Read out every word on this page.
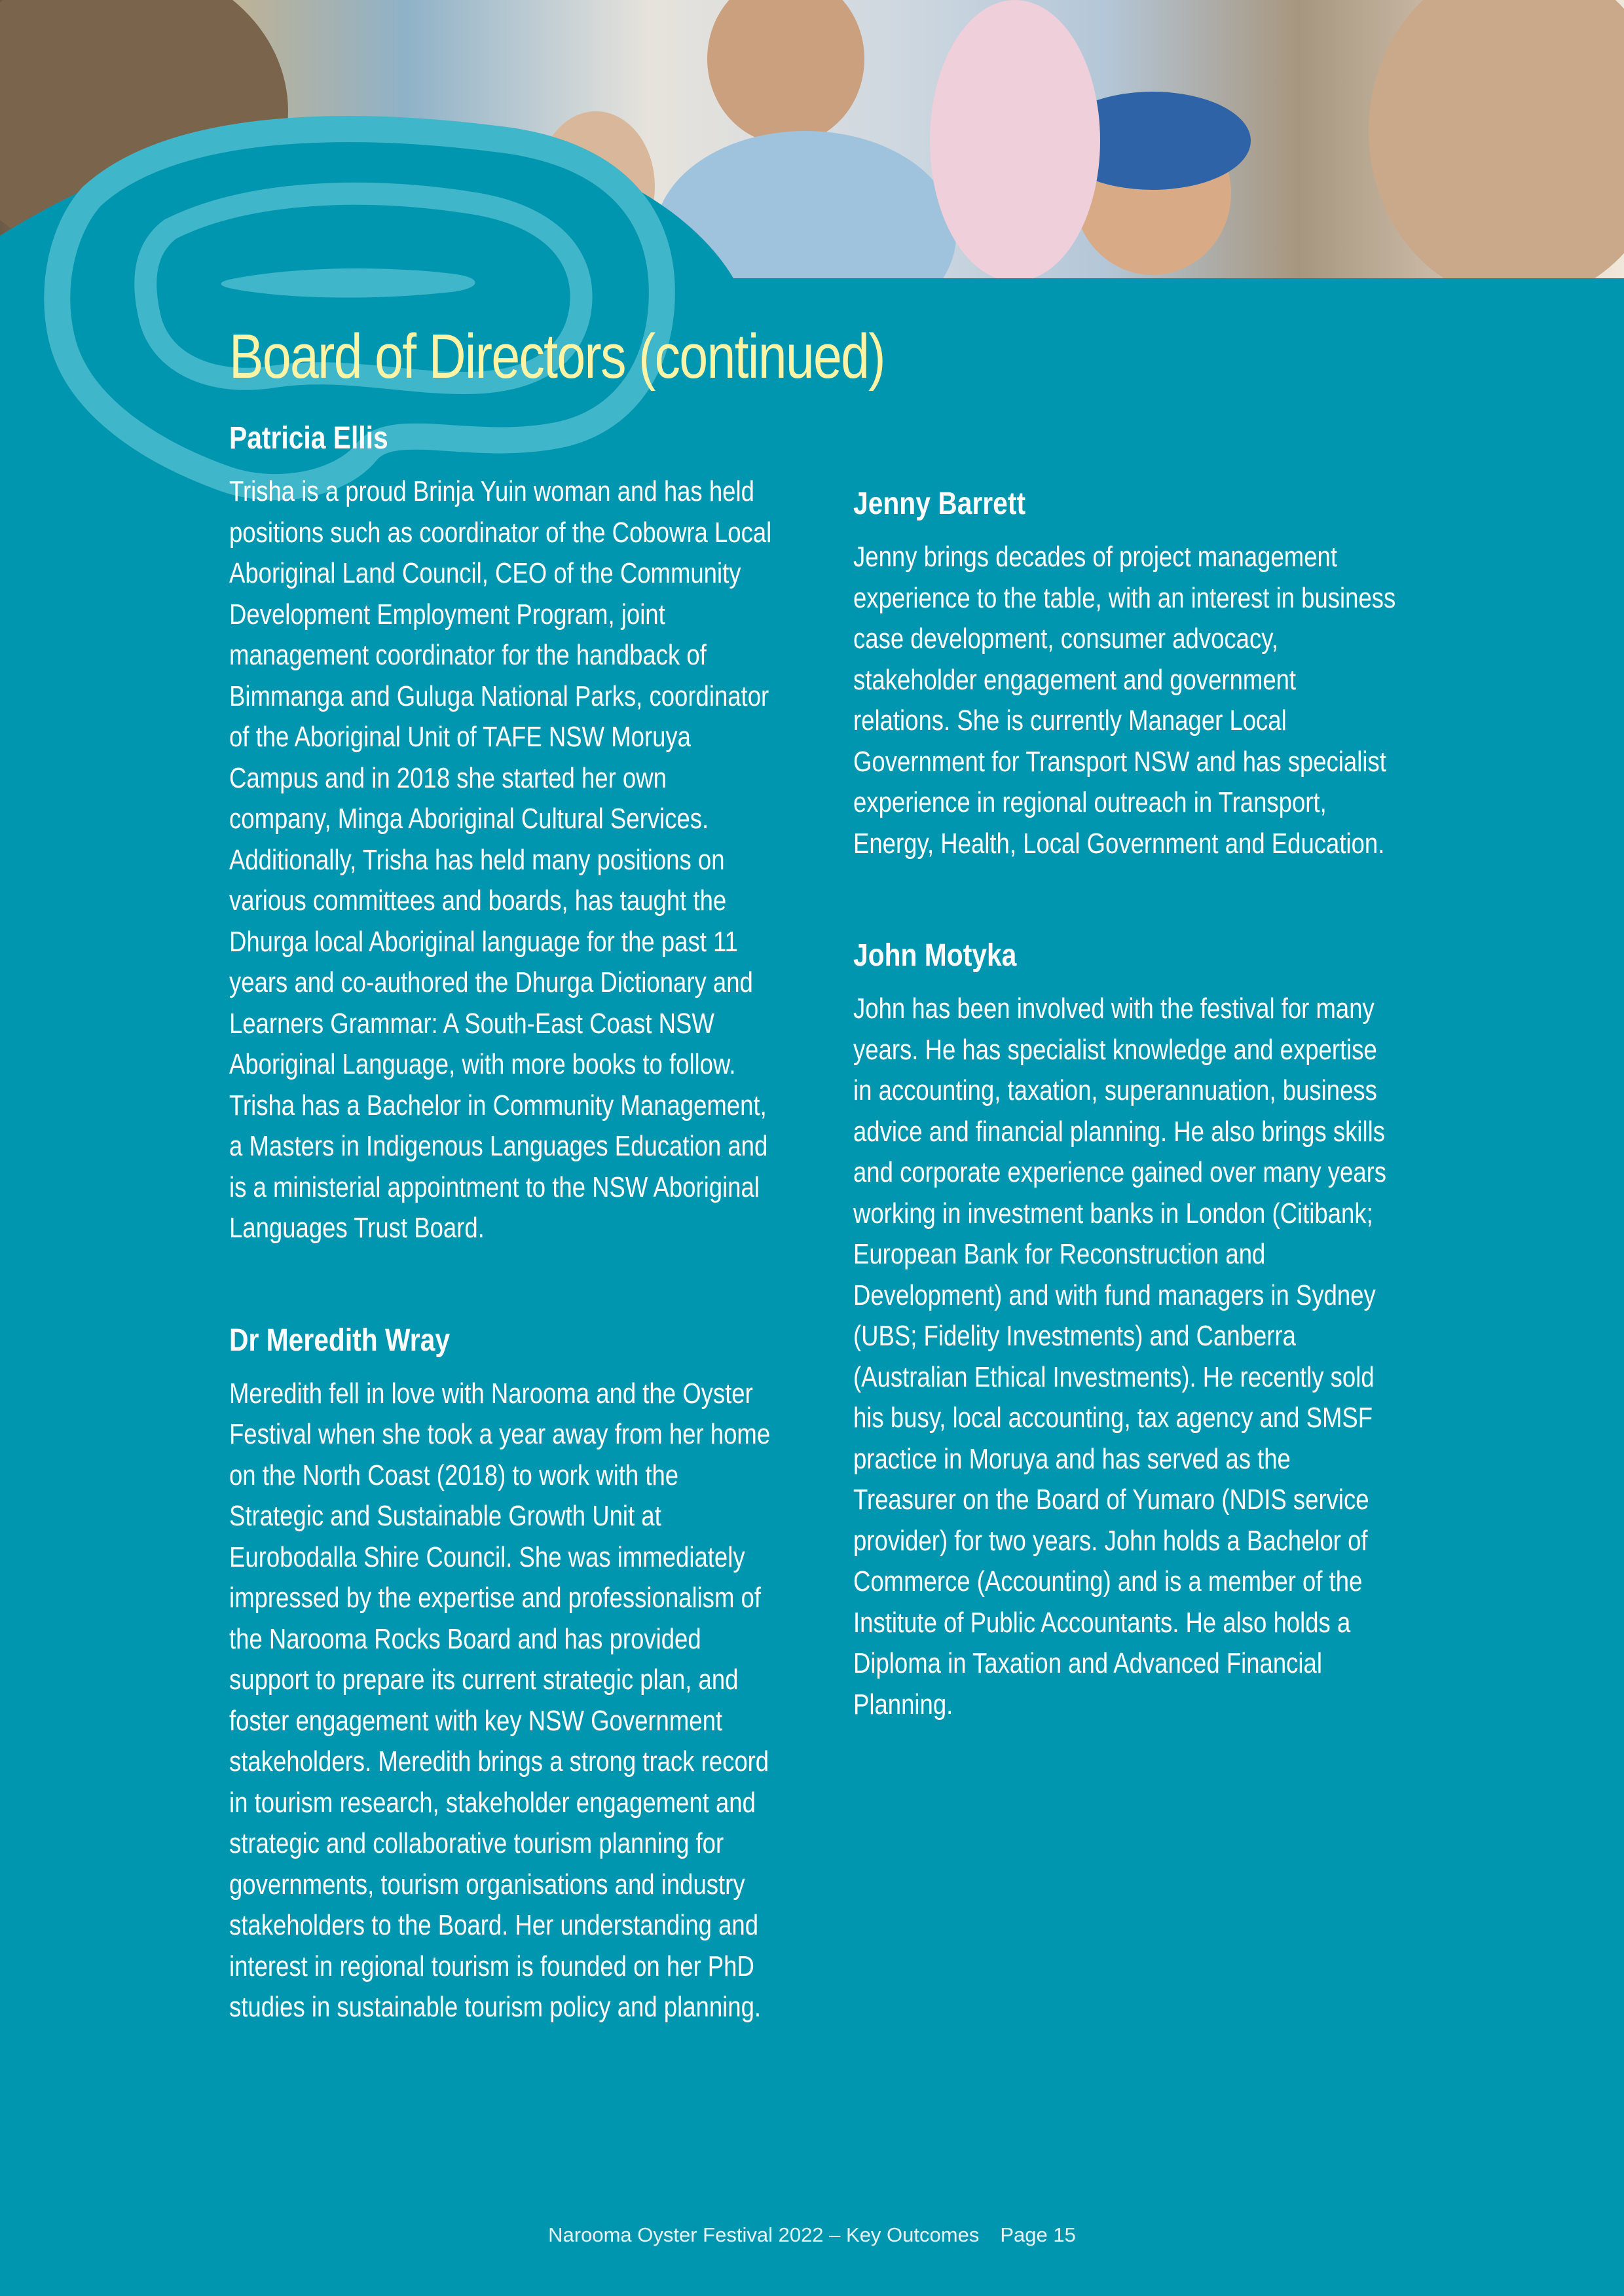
Board of Directors (continued)
Patricia Ellis

Trisha is a proud Brinja Yuin woman and has held positions such as coordinator of the Cobowra Local Aboriginal Land Council, CEO of the Community Development Employment Program, joint management coordinator for the handback of Bimmanga and Guluga National Parks, coordinator of the Aboriginal Unit of TAFE NSW Moruya Campus and in 2018 she started her own company, Minga Aboriginal Cultural Services. Additionally, Trisha has held many positions on various committees and boards, has taught the Dhurga local Aboriginal language for the past 11 years and co-authored the Dhurga Dictionary and Learners Grammar: A South-East Coast NSW Aboriginal Language, with more books to follow. Trisha has a Bachelor in Community Management, a Masters in Indigenous Languages Education and is a ministerial appointment to the NSW Aboriginal Languages Trust Board.

Dr Meredith Wray

Meredith fell in love with Narooma and the Oyster Festival when she took a year away from her home on the North Coast (2018) to work with the Strategic and Sustainable Growth Unit at Eurobodalla Shire Council. She was immediately impressed by the expertise and professionalism of the Narooma Rocks Board and has provided support to prepare its current strategic plan, and foster engagement with key NSW Government stakeholders. Meredith brings a strong track record in tourism research, stakeholder engagement and strategic and collaborative tourism planning for governments, tourism organisations and industry stakeholders to the Board. Her understanding and interest in regional tourism is founded on her PhD studies in sustainable tourism policy and planning.

Jenny Barrett

Jenny brings decades of project management experience to the table, with an interest in business case development, consumer advocacy, stakeholder engagement and government relations. She is currently Manager Local Government for Transport NSW and has specialist experience in regional outreach in Transport, Energy, Health, Local Government and Education.

John Motyka

John has been involved with the festival for many years. He has specialist knowledge and expertise in accounting, taxation, superannuation, business advice and financial planning. He also brings skills and corporate experience gained over many years working in investment banks in London (Citibank; European Bank for Reconstruction and Development) and with fund managers in Sydney (UBS; Fidelity Investments) and Canberra (Australian Ethical Investments). He recently sold his busy, local accounting, tax agency and SMSF practice in Moruya and has served as the Treasurer on the Board of Yumaro (NDIS service provider) for two years. John holds a Bachelor of Commerce (Accounting) and is a member of the Institute of Public Accountants. He also holds a Diploma in Taxation and Advanced Financial Planning.

Narooma Oyster Festival 2022 – Key Outcomes Page 15
